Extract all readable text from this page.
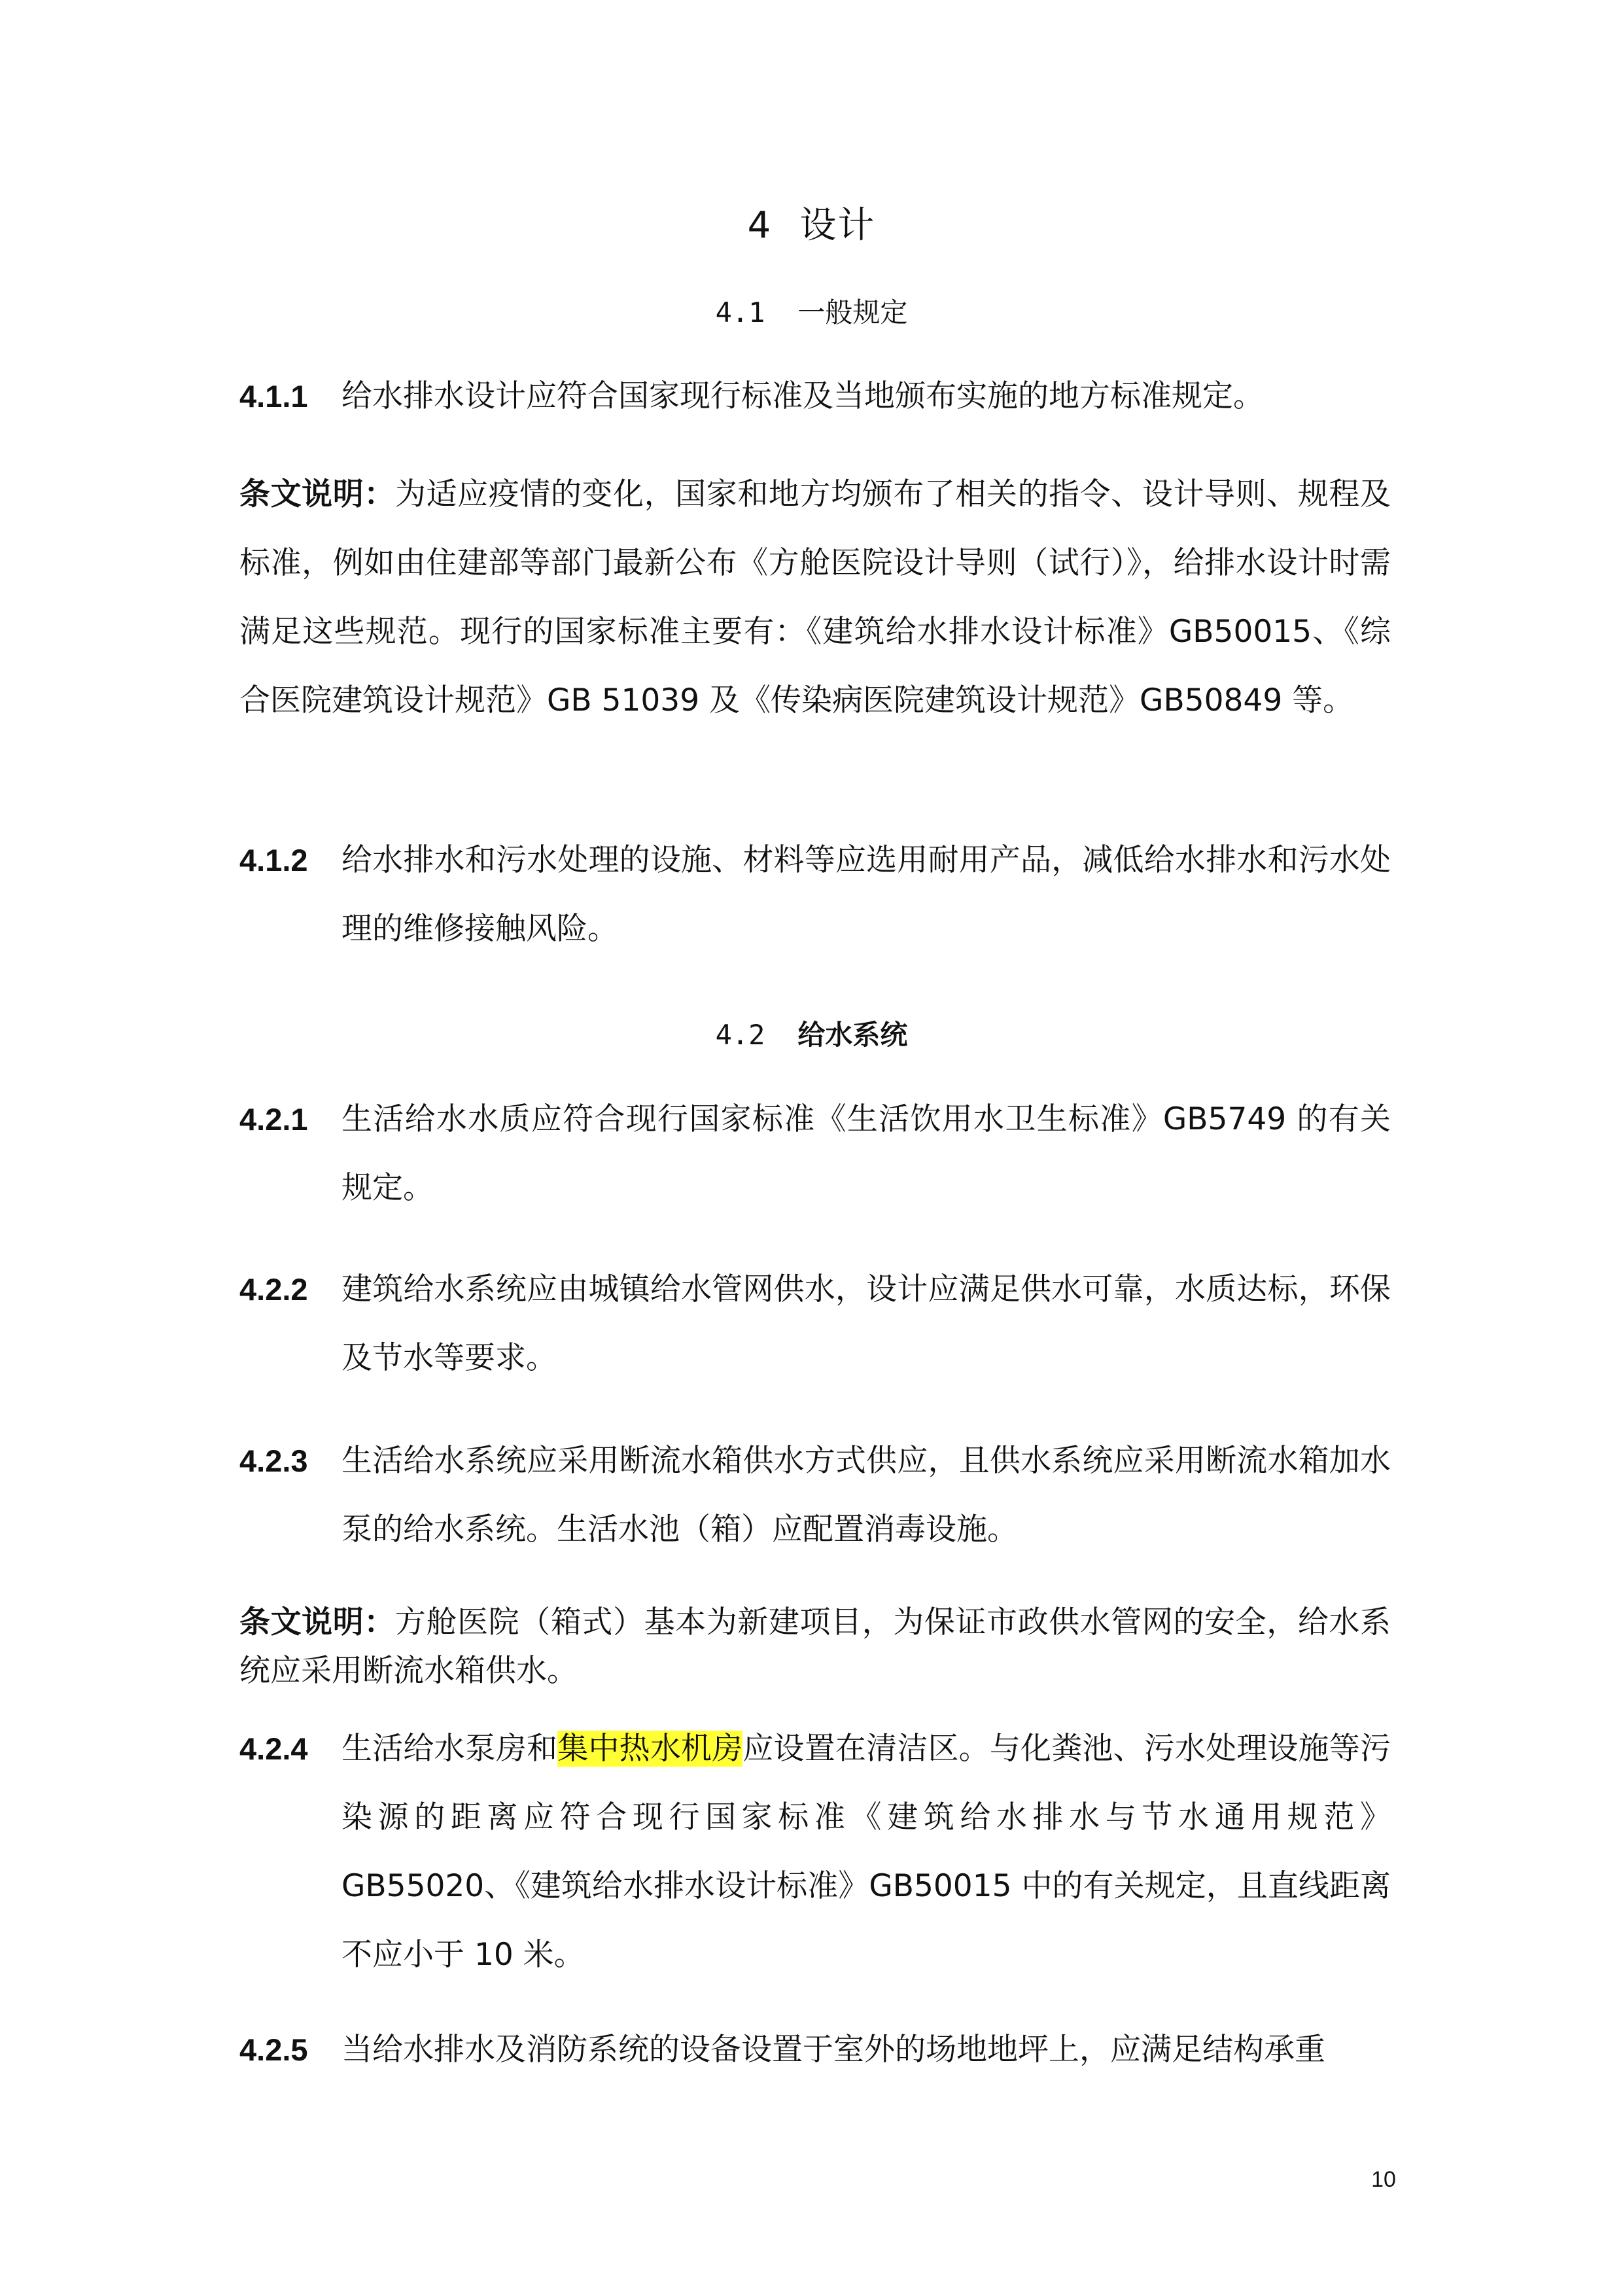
4 设计
4.1 一般规定
4.1.1 给水排水设计应符合国家现行标准及当地颁布实施的地方标准规定。
条文说明：为适应疫情的变化，国家和地方均颁布了相关的指令、设计导则、规程及标准，例如由住建部等部门最新公布《方舱医院设计导则（试行）》，给排水设计时需满足这些规范。现行的国家标准主要有：《建筑给水排水设计标准》GB50015、《综合医院建筑设计规范》GB 51039 及《传染病医院建筑设计规范》GB50849 等。
4.1.2 给水排水和污水处理的设施、材料等应选用耐用产品，减低给水排水和污水处理的维修接触风险。
4.2 给水系统
4.2.1 生活给水水质应符合现行国家标准《生活饮用水卫生标准》GB5749 的有关规定。
4.2.2 建筑给水系统应由城镇给水管网供水，设计应满足供水可靠，水质达标，环保及节水等要求。
4.2.3 生活给水系统应采用断流水箱供水方式供应，且供水系统应采用断流水箱加水泵的给水系统。生活水池（箱）应配置消毒设施。
条文说明：方舱医院（箱式）基本为新建项目，为保证市政供水管网的安全，给水系统应采用断流水箱供水。
4.2.4 生活给水泵房和集中热水机房应设置在清洁区。与化粪池、污水处理设施等污染源的距离应符合现行国家标准《建筑给水排水与节水通用规范》GB55020、《建筑给水排水设计标准》GB50015 中的有关规定，且直线距离不应小于 10 米。
4.2.5 当给水排水及消防系统的设备设置于室外的场地地坪上，应满足结构承重
10
